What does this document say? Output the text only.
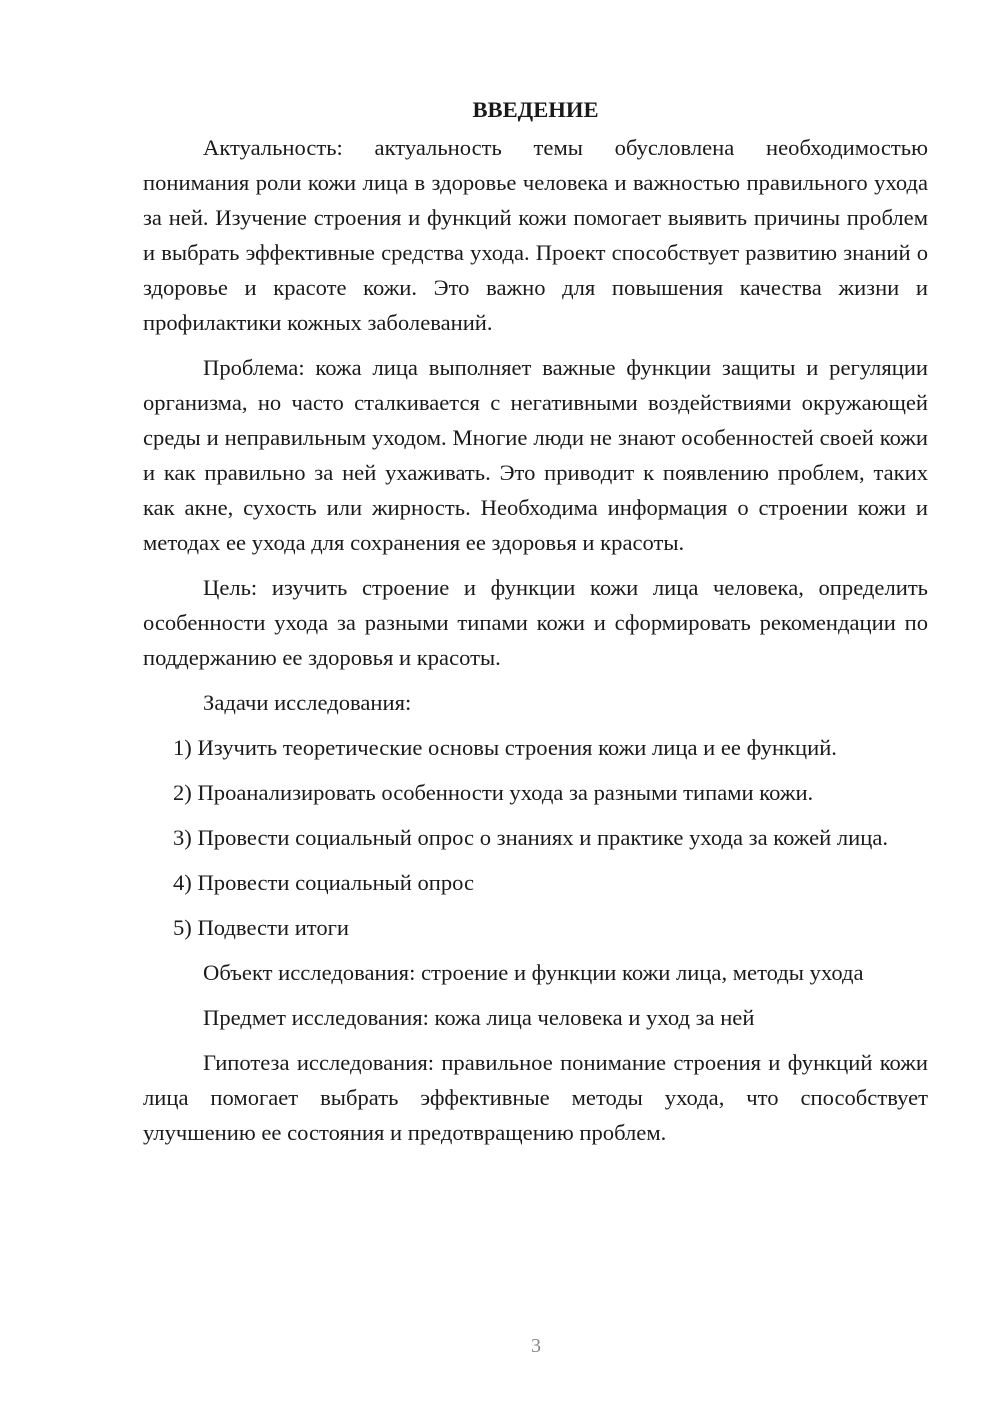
ВВЕДЕНИЕ

Актуальность: актуальность темы обусловлена необходимостью понимания роли кожи лица в здоровье человека и важностью правильного ухода за ней. Изучение строения и функций кожи помогает выявить причины проблем и выбрать эффективные средства ухода. Проект способствует развитию знаний о здоровье и красоте кожи. Это важно для повышения качества жизни и профилактики кожных заболеваний.

Проблема: кожа лица выполняет важные функции защиты и регуляции организма, но часто сталкивается с негативными воздействиями окружающей среды и неправильным уходом. Многие люди не знают особенностей своей кожи и как правильно за ней ухаживать. Это приводит к появлению проблем, таких как акне, сухость или жирность. Необходима информация о строении кожи и методах ее ухода для сохранения ее здоровья и красоты.

Цель: изучить строение и функции кожи лица человека, определить особенности ухода за разными типами кожи и сформировать рекомендации по поддержанию ее здоровья и красоты.

Задачи исследования:

1) Изучить теоретические основы строения кожи лица и ее функций.

2) Проанализировать особенности ухода за разными типами кожи.

3) Провести социальный опрос о знаниях и практике ухода за кожей лица.

4) Провести социальный опрос

5) Подвести итоги

Объект исследования: строение и функции кожи лица, методы ухода

Предмет исследования: кожа лица человека и уход за ней

Гипотеза исследования: правильное понимание строения и функций кожи лица помогает выбрать эффективные методы ухода, что способствует улучшению ее состояния и предотвращению проблем.

3
